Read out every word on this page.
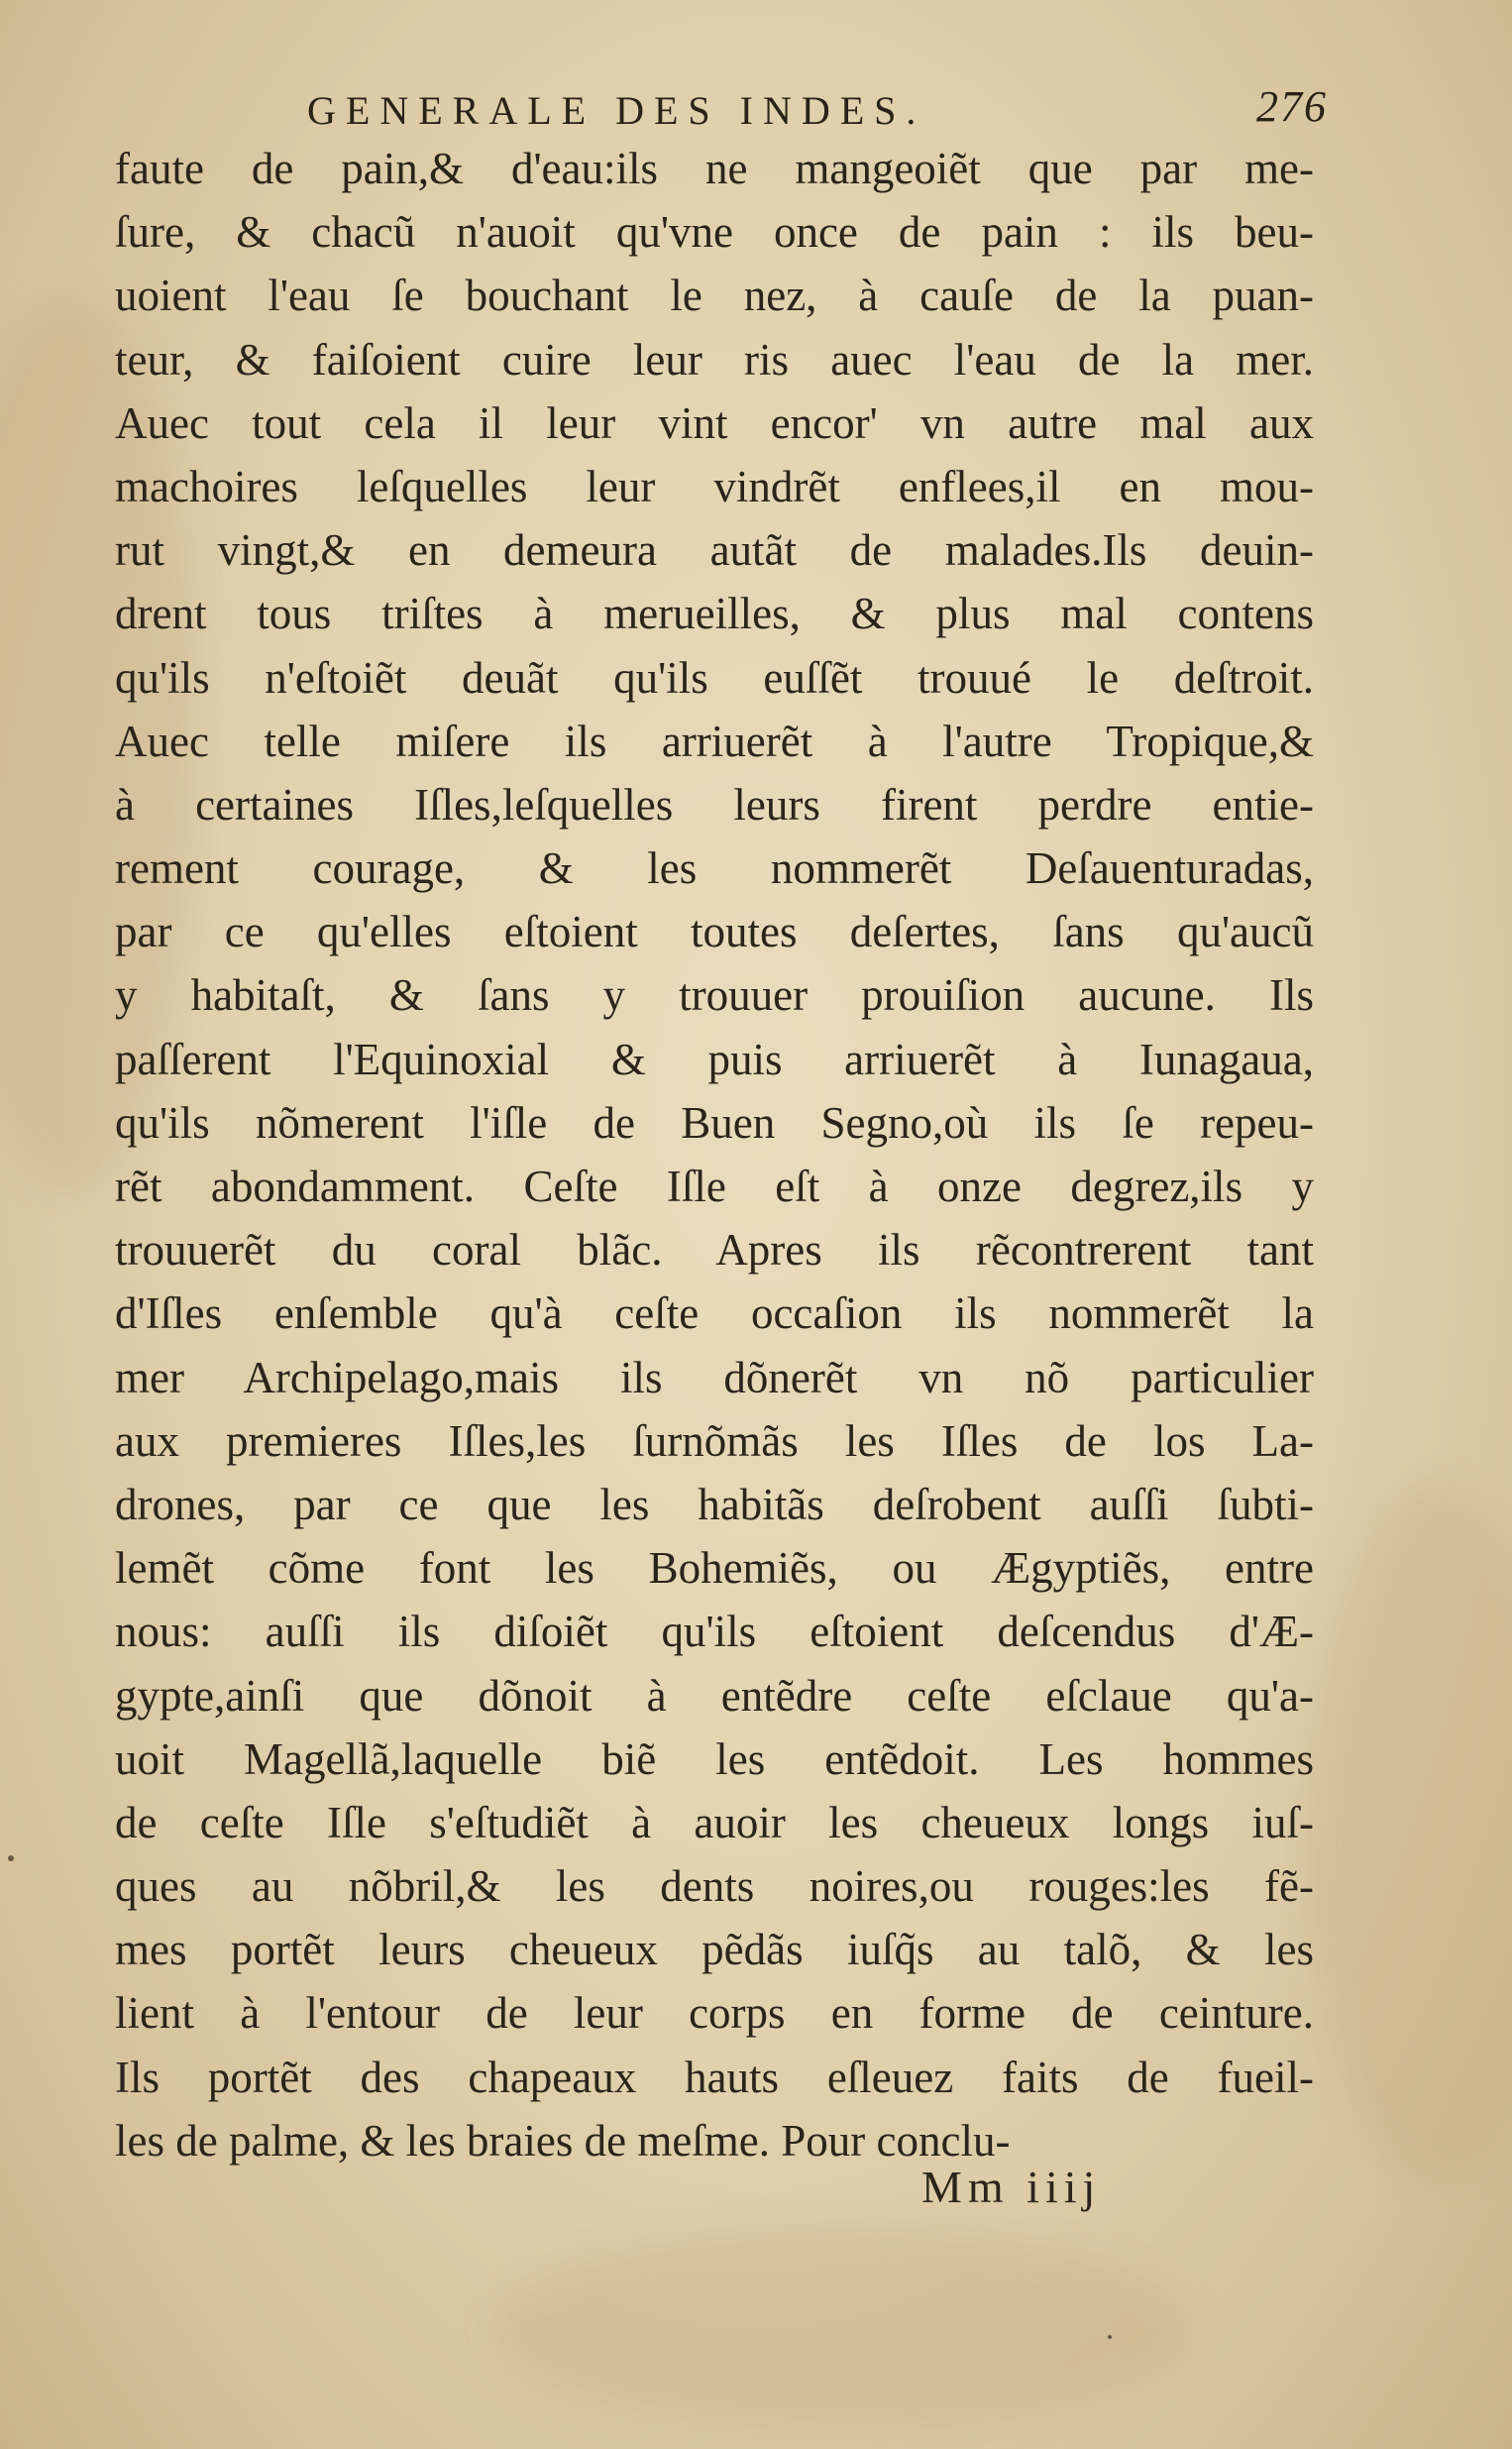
GENERALE DES INDES.	276
faute de pain,& d'eau:ils ne mangeoiẽt que par me-
ſure, & chacũ n'auoit qu'vne once de pain : ils beu-
uoient l'eau ſe bouchant le nez, à cauſe de la puan-
teur, & faiſoient cuire leur ris auec l'eau de la mer.
Auec tout cela il leur vint encor' vn autre mal aux
machoires leſquelles leur vindrẽt enflees,il en mou-
rut vingt,& en demeura autãt de malades.Ils deuin-
drent tous triſtes à merueilles, & plus mal contens
qu'ils n'eſtoiẽt deuãt qu'ils euſſẽt trouué le deſtroit.
Auec telle miſere ils arriuerẽt à l'autre Tropique,&
à certaines Iſles,leſquelles leurs firent perdre entie-
rement courage, & les nommerẽt Deſauenturadas,
par ce qu'elles eſtoient toutes deſertes, ſans qu'aucũ
y habitaſt, & ſans y trouuer prouiſion aucune. Ils
paſſerent l'Equinoxial & puis arriuerẽt à Iunagaua,
qu'ils nõmerent l'iſle de Buen Segno,où ils ſe repeu-
rẽt abondamment. Ceſte Iſle eſt à onze degrez,ils y
trouuerẽt du coral blãc. Apres ils rẽcontrerent tant
d'Iſles enſemble qu'à ceſte occaſion ils nommerẽt la
mer Archipelago,mais ils dõnerẽt vn nõ particulier
aux premieres Iſles,les ſurnõmãs les Iſles de los La-
drones, par ce que les habitãs deſrobent auſſi ſubti-
lemẽt cõme font les Bohemiẽs, ou Ægyptiẽs, entre
nous: auſſi ils diſoiẽt qu'ils eſtoient deſcendus d'Æ-
gypte,ainſi que dõnoit à entẽdre ceſte eſclaue qu'a-
uoit Magellã,laquelle biẽ les entẽdoit. Les hommes
de ceſte Iſle s'eſtudiẽt à auoir les cheueux longs iuſ-
ques au nõbril,& les dents noires,ou rouges:les fẽ-
mes portẽt leurs cheueux pẽdãs iuſq̃s au talõ, & les
lient à l'entour de leur corps en forme de ceinture.
Ils portẽt des chapeaux hauts eſleuez faits de fueil-
les de palme, & les braies de meſme. Pour conclu-
Mm iiij
